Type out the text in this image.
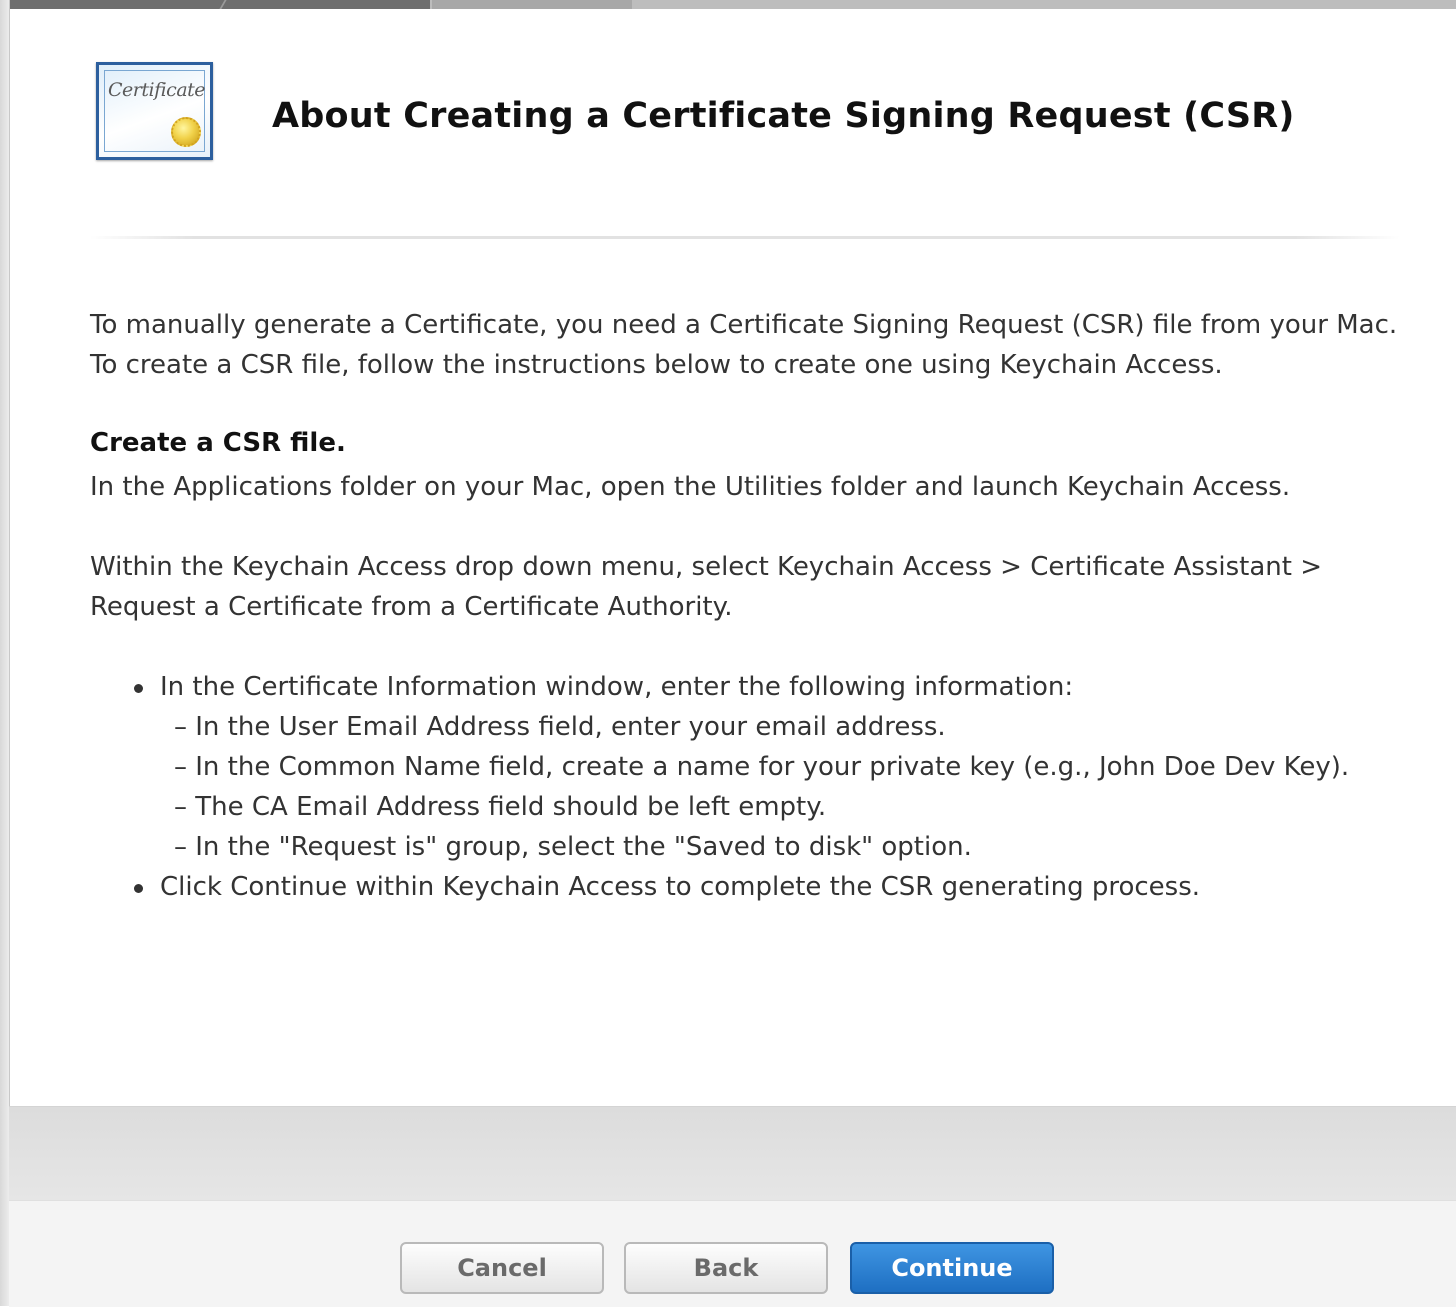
Certificate
About Creating a Certificate Signing Request (CSR)

To manually generate a Certificate, you need a Certificate Signing Request (CSR) file from your Mac. To create a CSR file, follow the instructions below to create one using Keychain Access.

Create a CSR file.

In the Applications folder on your Mac, open the Utilities folder and launch Keychain Access.

Within the Keychain Access drop down menu, select Keychain Access > Certificate Assistant > Request a Certificate from a Certificate Authority.

In the Certificate Information window, enter the following information:
– In the User Email Address field, enter your email address.
– In the Common Name field, create a name for your private key (e.g., John Doe Dev Key).
– The CA Email Address field should be left empty.
– In the "Request is" group, select the "Saved to disk" option.
Click Continue within Keychain Access to complete the CSR generating process.
Cancel	Back	Continue
